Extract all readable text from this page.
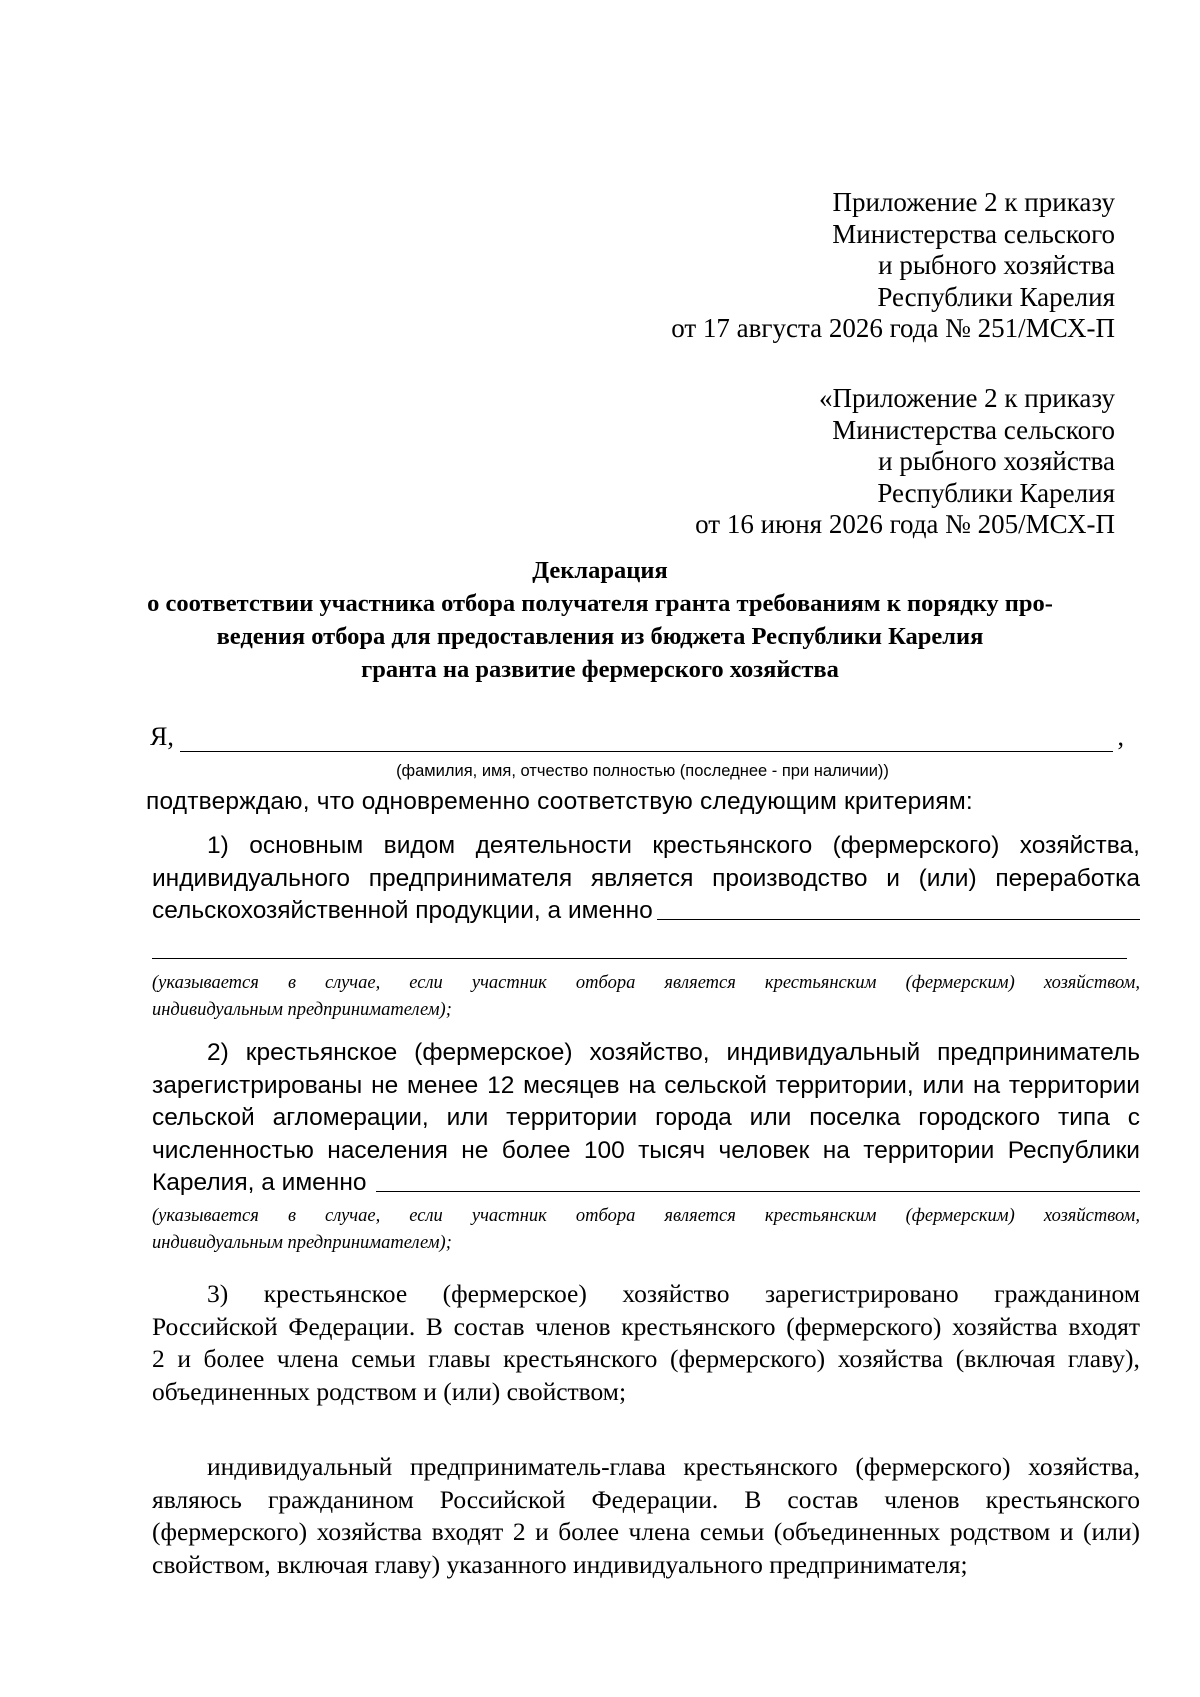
Приложение 2 к приказу
Министерства сельского
и рыбного хозяйства
Республики Карелия
от 17 августа 2026 года № 251/МСХ-П
«Приложение 2 к приказу
Министерства сельского
и рыбного хозяйства
Республики Карелия
от 16 июня 2026 года № 205/МСХ-П
Декларация
о соответствии участника отбора получателя гранта требованиям к порядку про-
ведения отбора для предоставления из бюджета Республики Карелия
гранта на развитие фермерского хозяйства
Я,	,
(фамилия, имя, отчество полностью (последнее - при наличии))
подтверждаю, что одновременно соответствую следующим критериям:
1) основным видом деятельности крестьянского (фермерского) хозяйства,
индивидуального предпринимателя является производство и (или) переработка
сельскохозяйственной продукции, а именно
(указывается в случае, если участник отбора является крестьянским (фермерским) хозяйством,
индивидуальным предпринимателем);
2) крестьянское (фермерское) хозяйство, индивидуальный предприниматель
зарегистрированы не менее 12 месяцев на сельской территории, или на территории
сельской агломерации, или территории города или поселка городского типа с
численностью населения не более 100 тысяч человек на территории Республики
Карелия, а именно
(указывается в случае, если участник отбора является крестьянским (фермерским) хозяйством,
индивидуальным предпринимателем);
3) крестьянское (фермерское) хозяйство зарегистрировано гражданином
Российской Федерации. В состав членов крестьянского (фермерского) хозяйства входят
2 и более члена семьи главы крестьянского (фермерского) хозяйства (включая главу),
объединенных родством и (или) свойством;
индивидуальный предприниматель-глава крестьянского (фермерского) хозяйства,
являюсь гражданином Российской Федерации. В состав членов крестьянского
(фермерского) хозяйства входят 2 и более члена семьи (объединенных родством и (или)
свойством, включая главу) указанного индивидуального предпринимателя;
